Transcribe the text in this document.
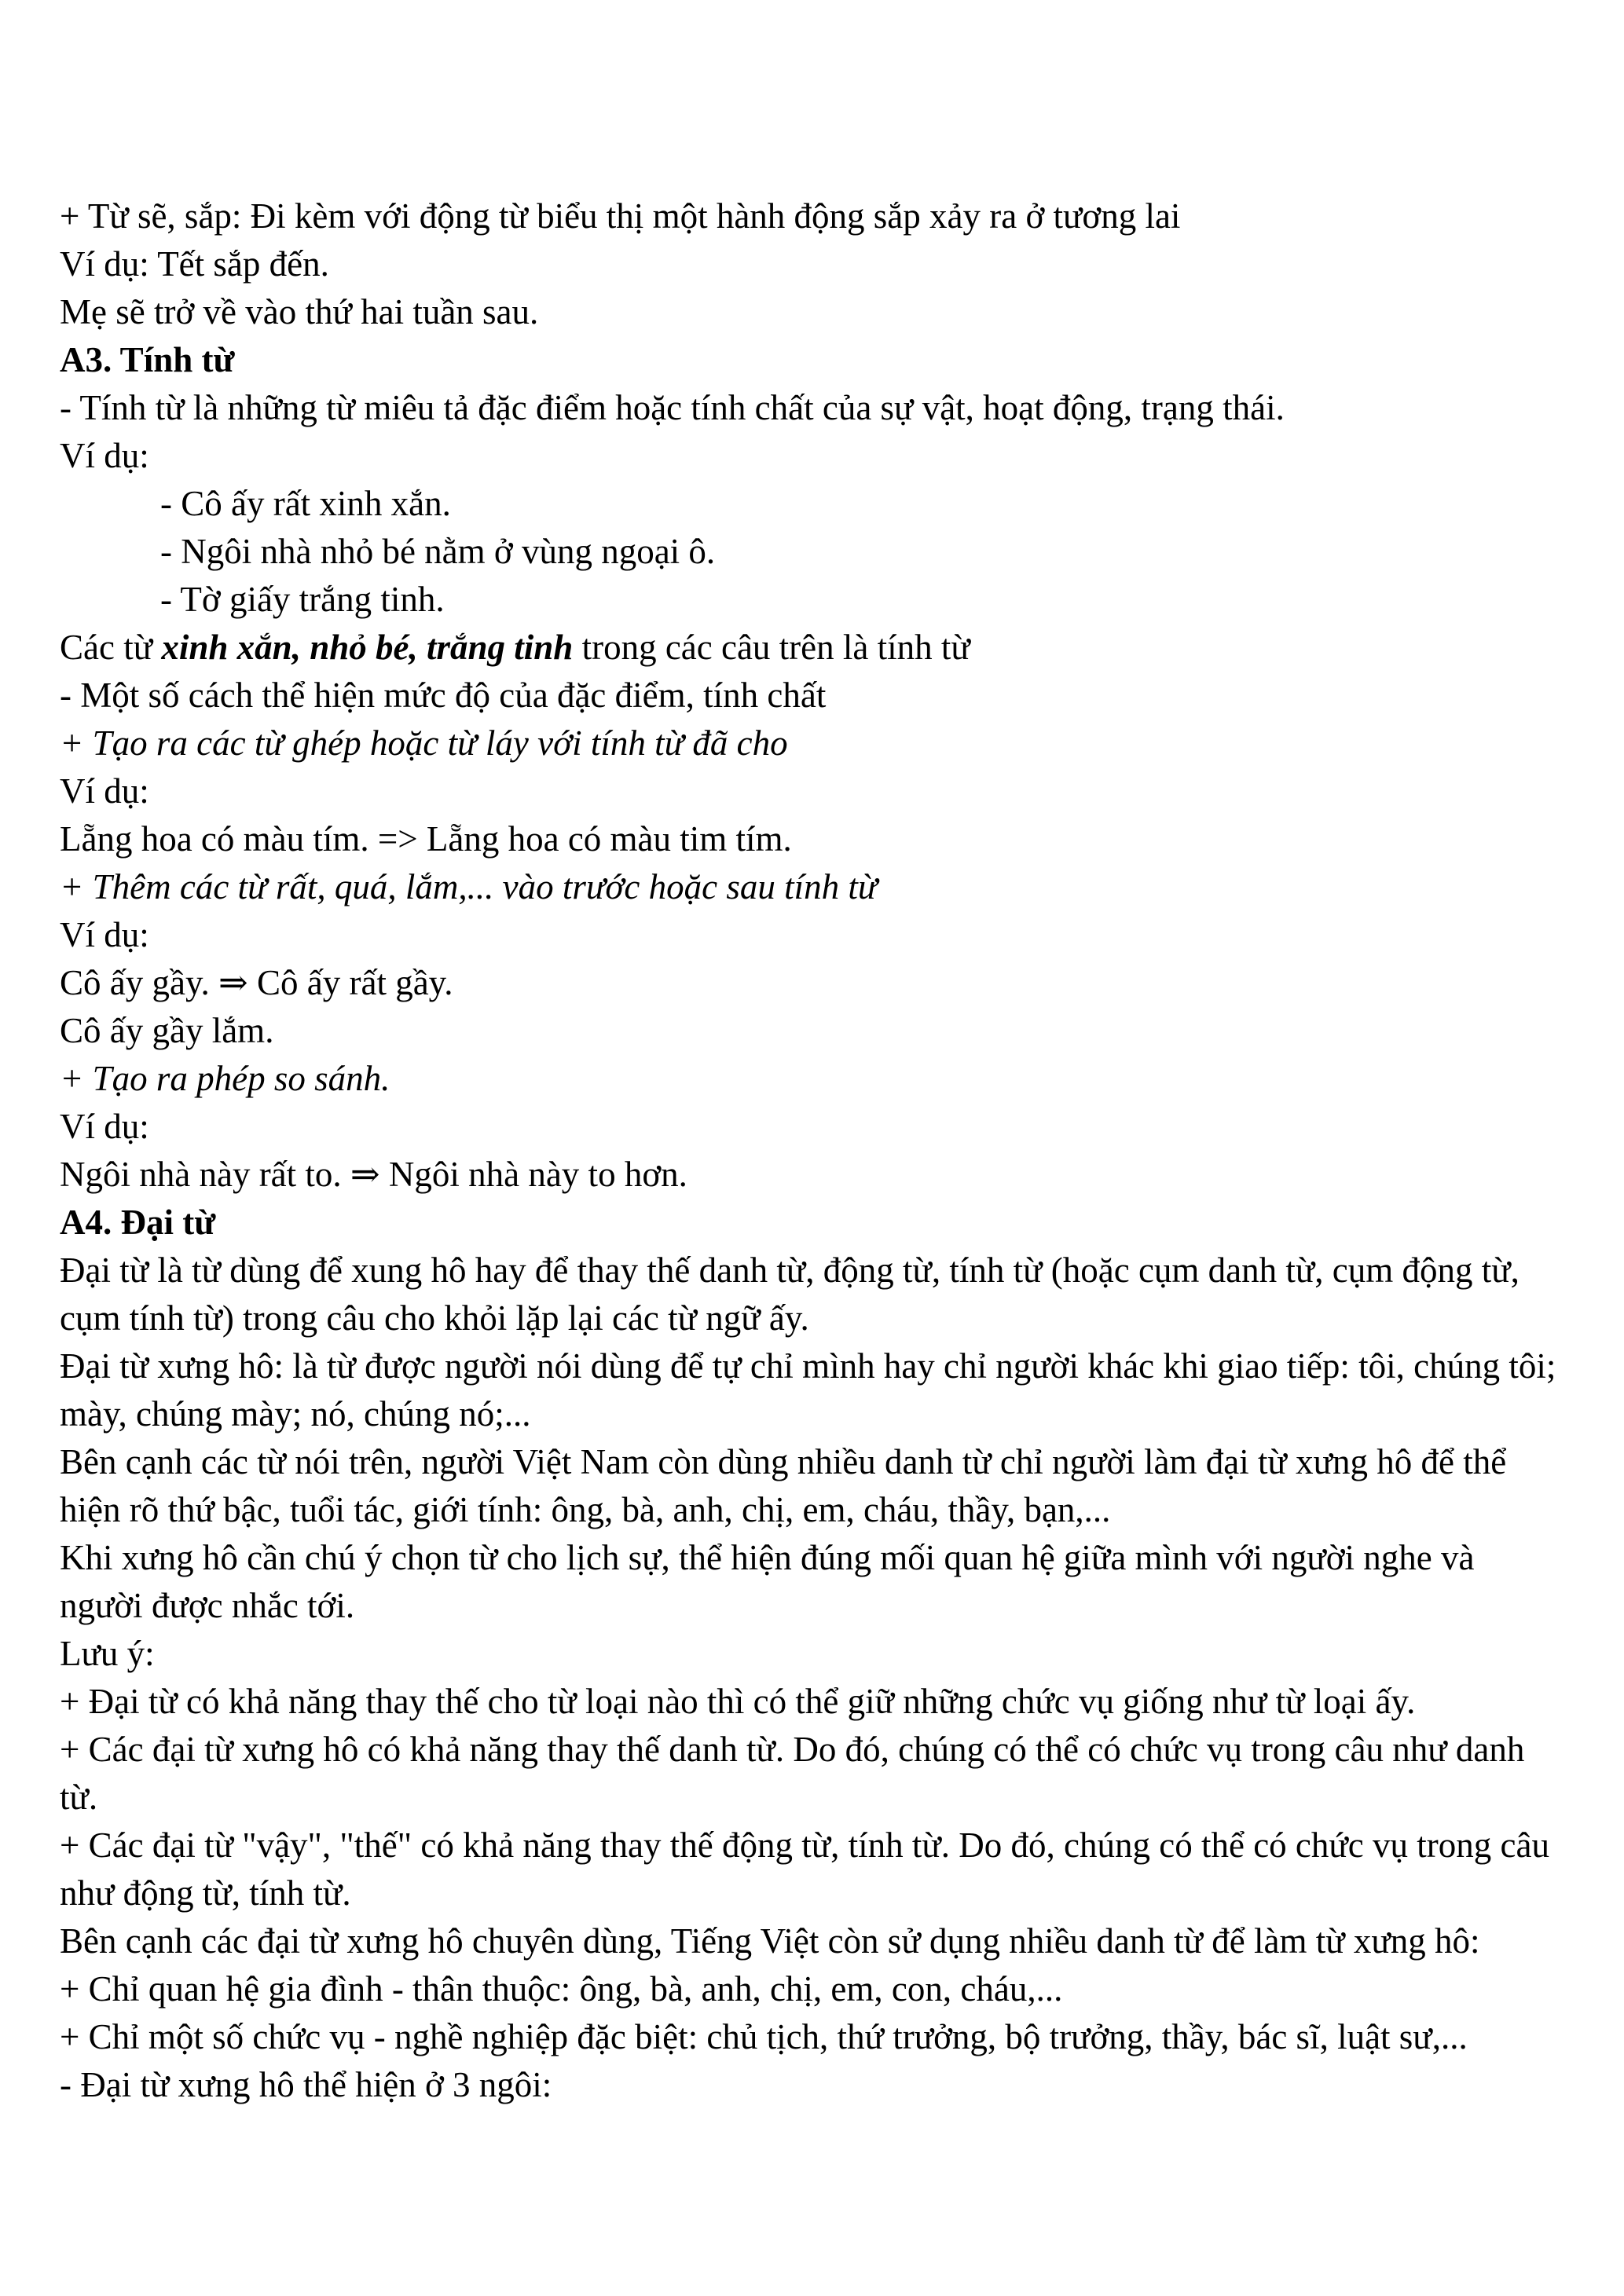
+ Từ sẽ, sắp: Đi kèm với động từ biểu thị một hành động sắp xảy ra ở tương lai
Ví dụ: Tết sắp đến.
Mẹ sẽ trở về vào thứ hai tuần sau.
A3. Tính từ
- Tính từ là những từ miêu tả đặc điểm hoặc tính chất của sự vật, hoạt động, trạng thái.
Ví dụ:
- Cô ấy rất xinh xắn.
- Ngôi nhà nhỏ bé nằm ở vùng ngoại ô.
- Tờ giấy trắng tinh.
Các từ xinh xắn, nhỏ bé, trắng tinh trong các câu trên là tính từ
- Một số cách thể hiện mức độ của đặc điểm, tính chất
+ Tạo ra các từ ghép hoặc từ láy với tính từ đã cho
Ví dụ:
Lẵng hoa có màu tím. => Lẵng hoa có màu tim tím.
+ Thêm các từ rất, quá, lắm,... vào trước hoặc sau tính từ
Ví dụ:
Cô ấy gầy. ⇒ Cô ấy rất gầy.
Cô ấy gầy lắm.
+ Tạo ra phép so sánh.
Ví dụ:
Ngôi nhà này rất to. ⇒ Ngôi nhà này to hơn.
A4. Đại từ
Đại từ là từ dùng để xung hô hay để thay thế danh từ, động từ, tính từ (hoặc cụm danh từ, cụm động từ,
cụm tính từ) trong câu cho khỏi lặp lại các từ ngữ ấy.
Đại từ xưng hô: là từ được người nói dùng để tự chỉ mình hay chỉ người khác khi giao tiếp: tôi, chúng tôi;
mày, chúng mày; nó, chúng nó;...
Bên cạnh các từ nói trên, người Việt Nam còn dùng nhiều danh từ chỉ người làm đại từ xưng hô để thể
hiện rõ thứ bậc, tuổi tác, giới tính: ông, bà, anh, chị, em, cháu, thầy, bạn,...
Khi xưng hô cần chú ý chọn từ cho lịch sự, thể hiện đúng mối quan hệ giữa mình với người nghe và
người được nhắc tới.
Lưu ý:
+ Đại từ có khả năng thay thế cho từ loại nào thì có thể giữ những chức vụ giống như từ loại ấy.
+ Các đại từ xưng hô có khả năng thay thế danh từ. Do đó, chúng có thể có chức vụ trong câu như danh
từ.
+ Các đại từ "vậy", "thế" có khả năng thay thế động từ, tính từ. Do đó, chúng có thể có chức vụ trong câu
như động từ, tính từ.
Bên cạnh các đại từ xưng hô chuyên dùng, Tiếng Việt còn sử dụng nhiều danh từ để làm từ xưng hô:
+ Chỉ quan hệ gia đình - thân thuộc: ông, bà, anh, chị, em, con, cháu,...
+ Chỉ một số chức vụ - nghề nghiệp đặc biệt: chủ tịch, thứ trưởng, bộ trưởng, thầy, bác sĩ, luật sư,...
- Đại từ xưng hô thể hiện ở 3 ngôi:
